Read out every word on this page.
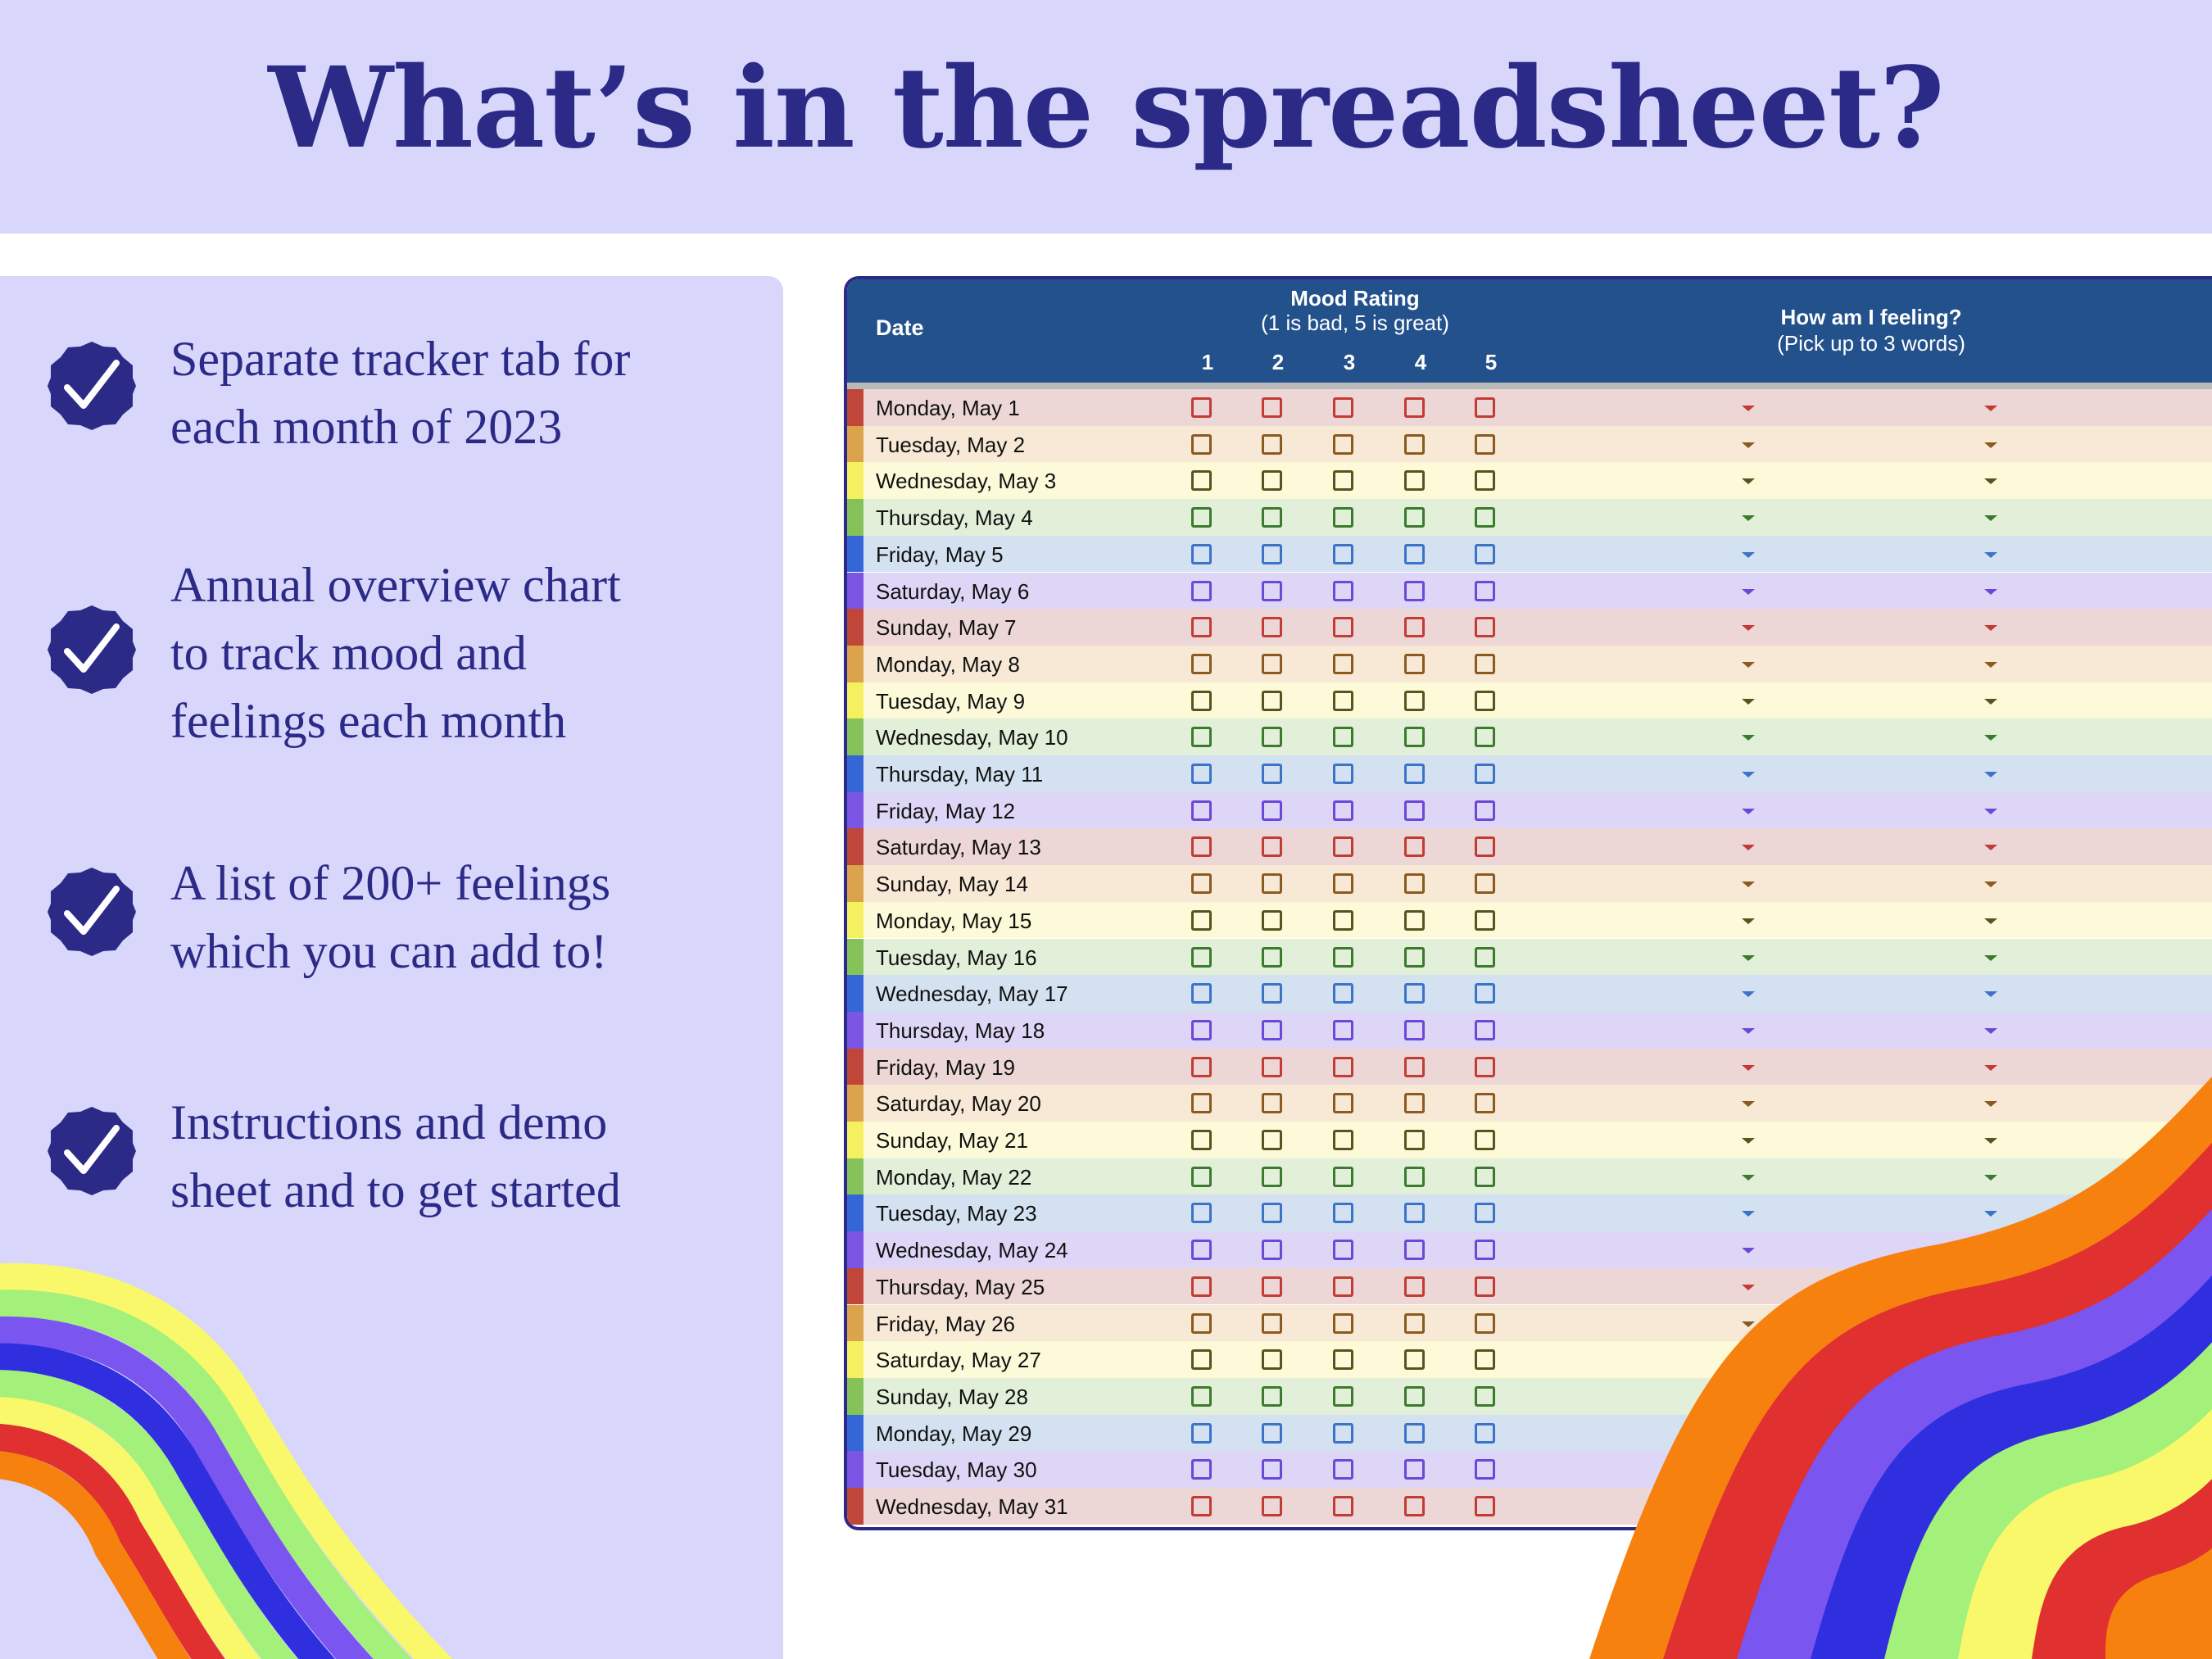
What’s in the spreadsheet?
Separate tracker tab for
each month of 2023
Annual overview chart
to track mood and
feelings each month
A list of 200+ feelings
which you can add to!
Instructions and demo
sheet and to get started
Date
Mood Rating
(1 is bad, 5 is great)
1	2	3	4	5
How am I feeling?
(Pick up to 3 words)
Monday, May 1
Tuesday, May 2
Wednesday, May 3
Thursday, May 4
Friday, May 5
Saturday, May 6
Sunday, May 7
Monday, May 8
Tuesday, May 9
Wednesday, May 10
Thursday, May 11
Friday, May 12
Saturday, May 13
Sunday, May 14
Monday, May 15
Tuesday, May 16
Wednesday, May 17
Thursday, May 18
Friday, May 19
Saturday, May 20
Sunday, May 21
Monday, May 22
Tuesday, May 23
Wednesday, May 24
Thursday, May 25
Friday, May 26
Saturday, May 27
Sunday, May 28
Monday, May 29
Tuesday, May 30
Wednesday, May 31
